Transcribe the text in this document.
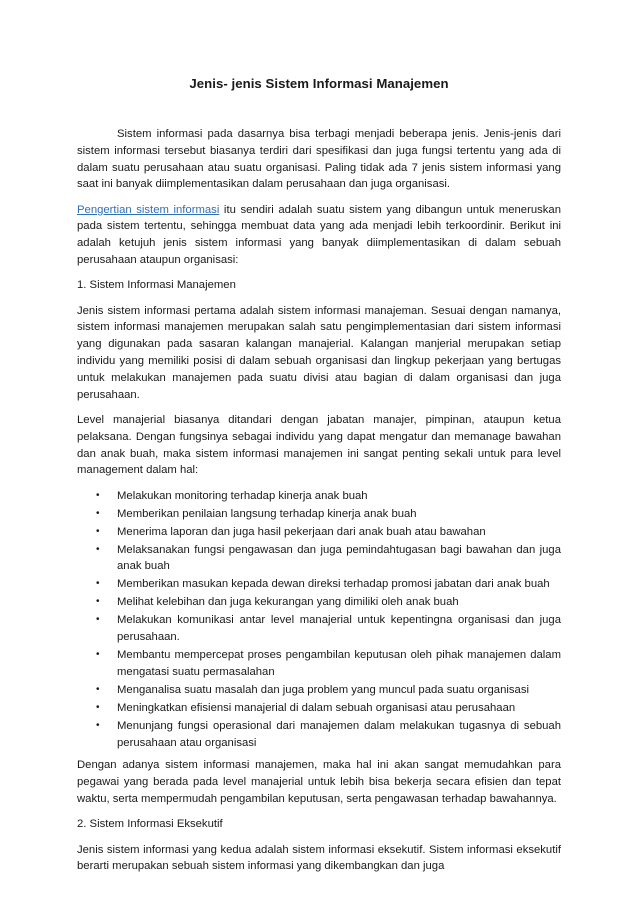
Jenis- jenis Sistem Informasi Manajemen

Sistem informasi pada dasarnya bisa terbagi menjadi beberapa jenis. Jenis-jenis dari sistem informasi tersebut biasanya terdiri dari spesifikasi dan juga fungsi tertentu yang ada di dalam suatu perusahaan atau suatu organisasi. Paling tidak ada 7 jenis sistem informasi yang saat ini banyak diimplementasikan dalam perusahaan dan juga organisasi.

Pengertian sistem informasi itu sendiri adalah suatu sistem yang dibangun untuk meneruskan pada sistem tertentu, sehingga membuat data yang ada menjadi lebih terkoordinir. Berikut ini adalah ketujuh jenis sistem informasi yang banyak diimplementasikan di dalam sebuah perusahaan ataupun organisasi:

1. Sistem Informasi Manajemen

Jenis sistem informasi pertama adalah sistem informasi manajeman. Sesuai dengan namanya, sistem informasi manajemen merupakan salah satu pengimplementasian dari sistem informasi yang digunakan pada sasaran kalangan manajerial. Kalangan manjerial merupakan setiap individu yang memiliki posisi di dalam sebuah organisasi dan lingkup pekerjaan yang bertugas untuk melakukan manajemen pada suatu divisi atau bagian di dalam organisasi dan juga perusahaan.

Level manajerial biasanya ditandari dengan jabatan manajer, pimpinan, ataupun ketua pelaksana. Dengan fungsinya sebagai individu yang dapat mengatur dan memanage bawahan dan anak buah, maka sistem informasi manajemen ini sangat penting sekali untuk para level management dalam hal:

• Melakukan monitoring terhadap kinerja anak buah
• Memberikan penilaian langsung terhadap kinerja anak buah
• Menerima laporan dan juga hasil pekerjaan dari anak buah atau bawahan
• Melaksanakan fungsi pengawasan dan juga pemindahtugasan bagi bawahan dan juga anak buah
• Memberikan masukan kepada dewan direksi terhadap promosi jabatan dari anak buah
• Melihat kelebihan dan juga kekurangan yang dimiliki oleh anak buah
• Melakukan komunikasi antar level manajerial untuk kepentingna organisasi dan juga perusahaan.
• Membantu mempercepat proses pengambilan keputusan oleh pihak manajemen dalam mengatasi suatu permasalahan
• Menganalisa suatu masalah dan juga problem yang muncul pada suatu organisasi
• Meningkatkan efisiensi manajerial di dalam sebuah organisasi atau perusahaan
• Menunjang fungsi operasional dari manajemen dalam melakukan tugasnya di sebuah perusahaan atau organisasi

Dengan adanya sistem informasi manajemen, maka hal ini akan sangat memudahkan para pegawai yang berada pada level manajerial untuk lebih bisa bekerja secara efisien dan tepat waktu, serta mempermudah pengambilan keputusan, serta pengawasan terhadap bawahannya.

2. Sistem Informasi Eksekutif

Jenis sistem informasi yang kedua adalah sistem informasi eksekutif. Sistem informasi eksekutif berarti merupakan sebuah sistem informasi yang dikembangkan dan juga
